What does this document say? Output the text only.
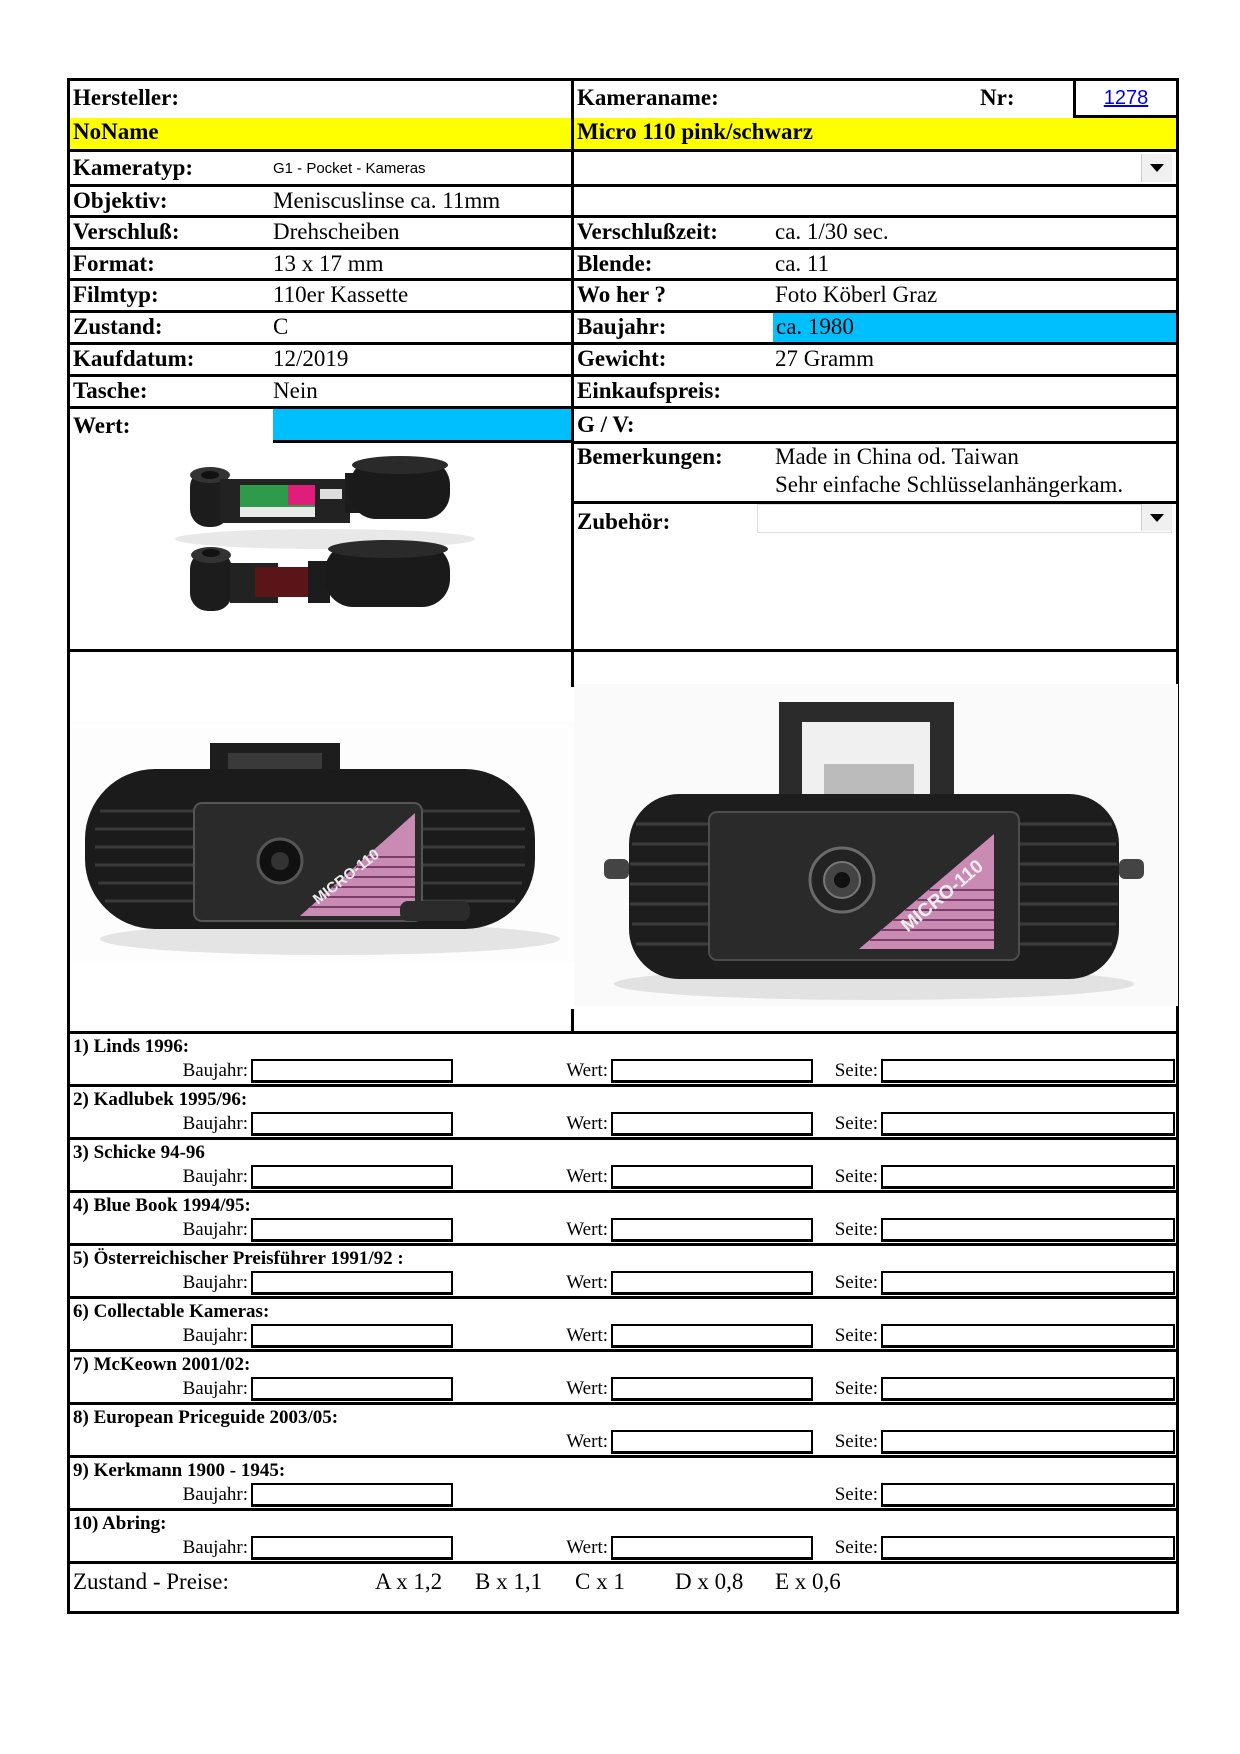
Hersteller:	Kameraname:	Nr:	1278
NoName	Micro 110 pink/schwarz
Kameratyp:	G1 - Pocket - Kameras
Objektiv:	Meniscuslinse ca. 11mm
Verschluß:	Drehscheiben	Verschlußzeit: ca. 1/30 sec.
Format:	13 x 17 mm	Blende:	ca. 11
Filmtyp:	110er Kassette	Wo her ?	Foto Köberl Graz
Zustand:	C	Baujahr:	ca. 1980
Kaufdatum:	12/2019	Gewicht:	27 Gramm
Tasche:	Nein	Einkaufspreis:
Wert:	G / V:
Bemerkungen: Made in China od. Taiwan
Sehr einfache Schlüsselanhängerkam.
Zubehör:
MICRO-110	MICRO-110
1) Linds 1996:
Baujahr:	Wert:	Seite:
2) Kadlubek 1995/96:
Baujahr:	Wert:	Seite:
3) Schicke 94-96
Baujahr:	Wert:	Seite:
4) Blue Book 1994/95:
Baujahr:	Wert:	Seite:
5) Österreichischer Preisführer 1991/92 :
Baujahr:	Wert:	Seite:
6) Collectable Kameras:
Baujahr:	Wert:	Seite:
7) McKeown 2001/02:
Baujahr:	Wert:	Seite:
8) European Priceguide 2003/05:
Wert:	Seite:
9) Kerkmann 1900 - 1945:
Baujahr:	Seite:
10) Abring:
Baujahr:	Wert:	Seite:
Zustand - Preise:	A x 1,2 B x 1,1 C x 1 D x 0,8 E x 0,6
